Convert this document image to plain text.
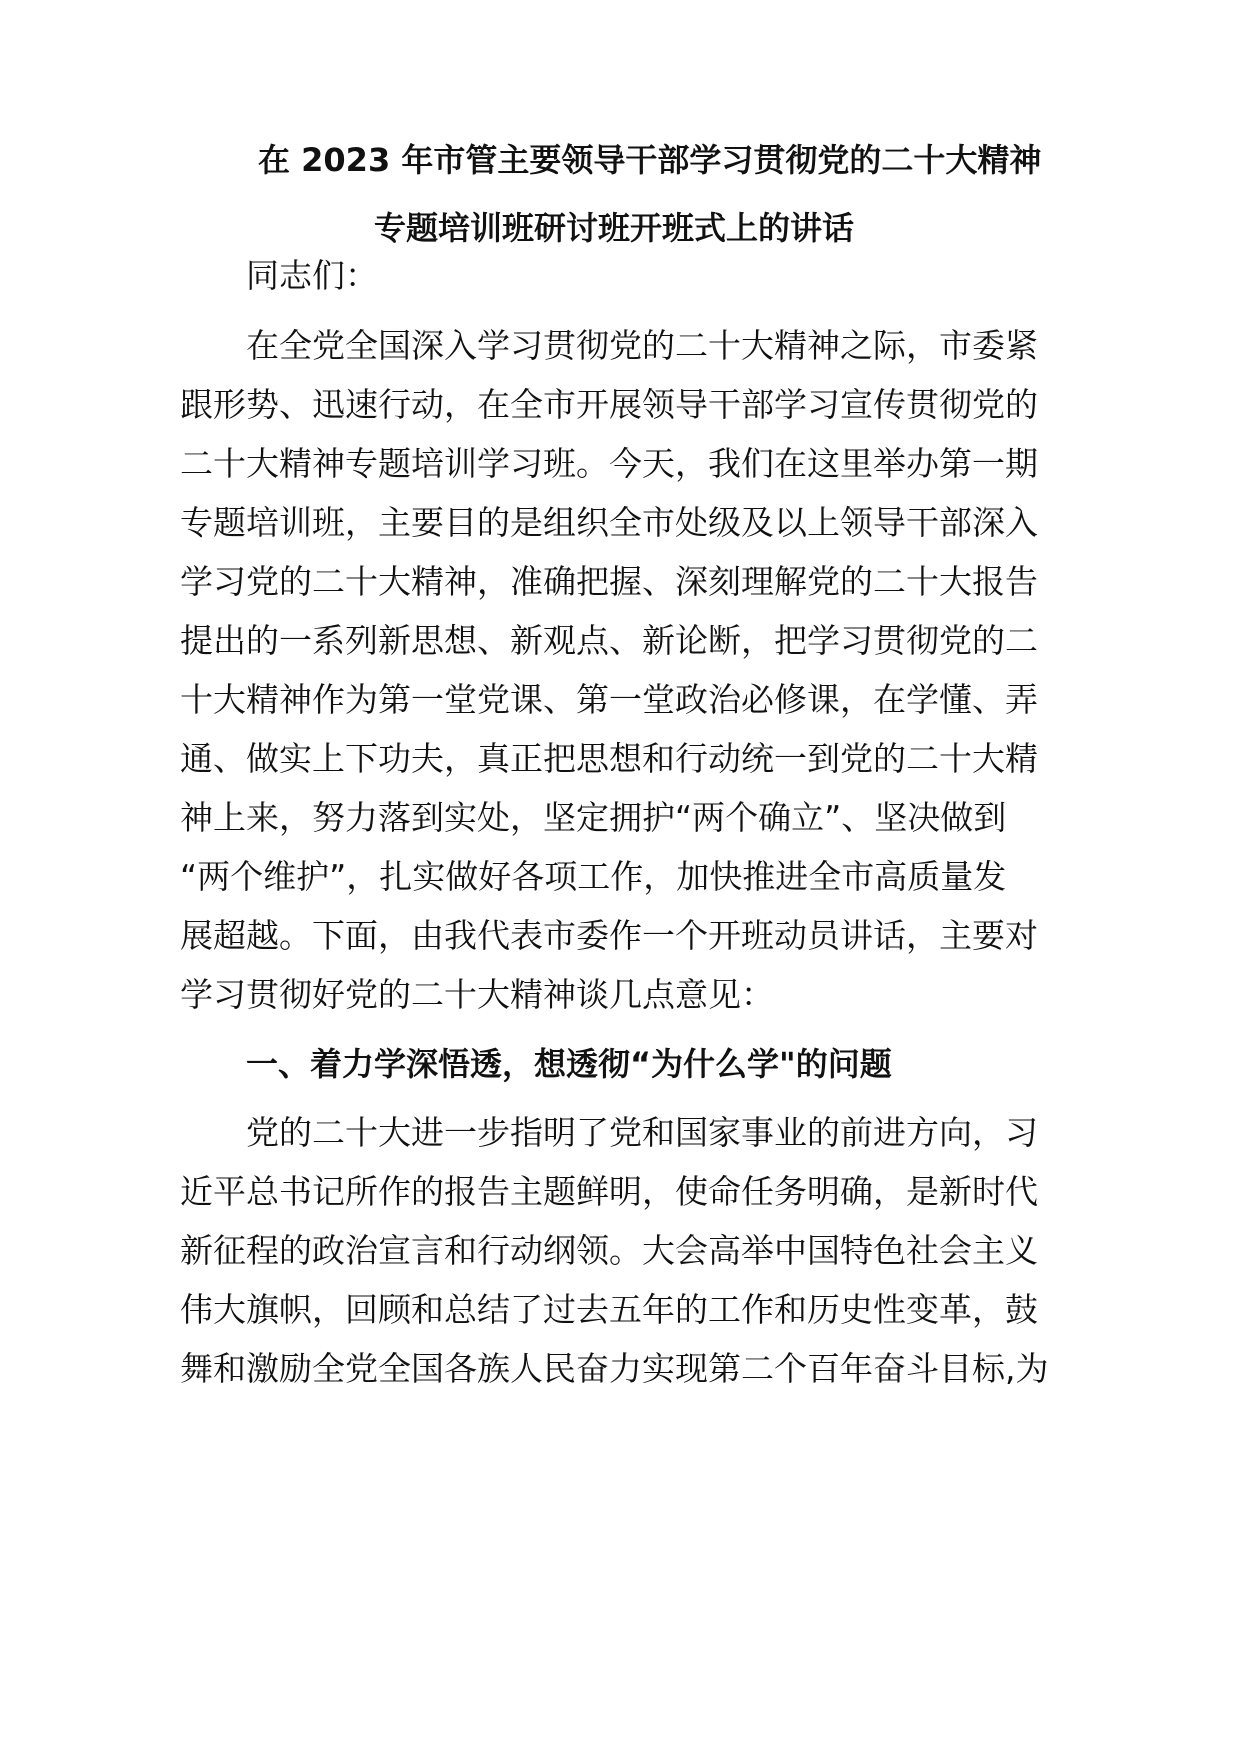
在 2023 年市管主要领导干部学习贯彻党的二十大精神
专题培训班研讨班开班式上的讲话
同志们：
在全党全国深入学习贯彻党的二十大精神之际，市委紧
跟形势、迅速行动，在全市开展领导干部学习宣传贯彻党的
二十大精神专题培训学习班。今天，我们在这里举办第一期
专题培训班，主要目的是组织全市处级及以上领导干部深入
学习党的二十大精神，准确把握、深刻理解党的二十大报告
提出的一系列新思想、新观点、新论断，把学习贯彻党的二
十大精神作为第一堂党课、第一堂政治必修课，在学懂、弄
通、做实上下功夫，真正把思想和行动统一到党的二十大精
神上来，努力落到实处，坚定拥护“两个确立”、坚决做到
“两个维护”，扎实做好各项工作，加快推进全市高质量发
展超越。下面，由我代表市委作一个开班动员讲话，主要对
学习贯彻好党的二十大精神谈几点意见：
一、着力学深悟透，想透彻“为什么学"的问题
党的二十大进一步指明了党和国家事业的前进方向，习
近平总书记所作的报告主题鲜明，使命任务明确，是新时代
新征程的政治宣言和行动纲领。大会高举中国特色社会主义
伟大旗帜，回顾和总结了过去五年的工作和历史性变革，鼓
舞和激励全党全国各族人民奋力实现第二个百年奋斗目标,为
